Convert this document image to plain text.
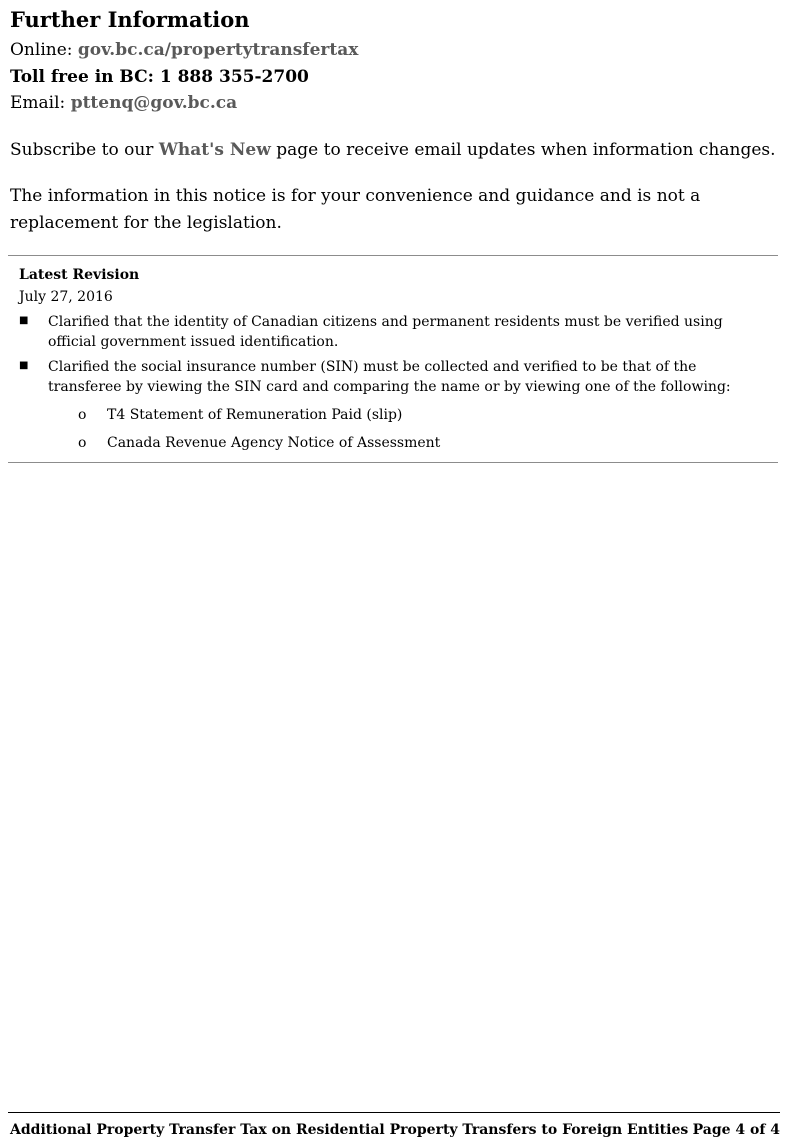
Further Information
Online: gov.bc.ca/propertytransfertax
Toll free in BC: 1 888 355-2700
Email: pttenq@gov.bc.ca

Subscribe to our What's New page to receive email updates when information changes.

The information in this notice is for your convenience and guidance and is not a replacement for the legislation.

Latest Revision
July 27, 2016
■ Clarified that the identity of Canadian citizens and permanent residents must be verified using official government issued identification.
■ Clarified the social insurance number (SIN) must be collected and verified to be that of the transferee by viewing the SIN card and comparing the name or by viewing one of the following:
o T4 Statement of Remuneration Paid (slip)
o Canada Revenue Agency Notice of Assessment
Additional Property Transfer Tax on Residential Property Transfers to Foreign Entities Page 4 of 4
